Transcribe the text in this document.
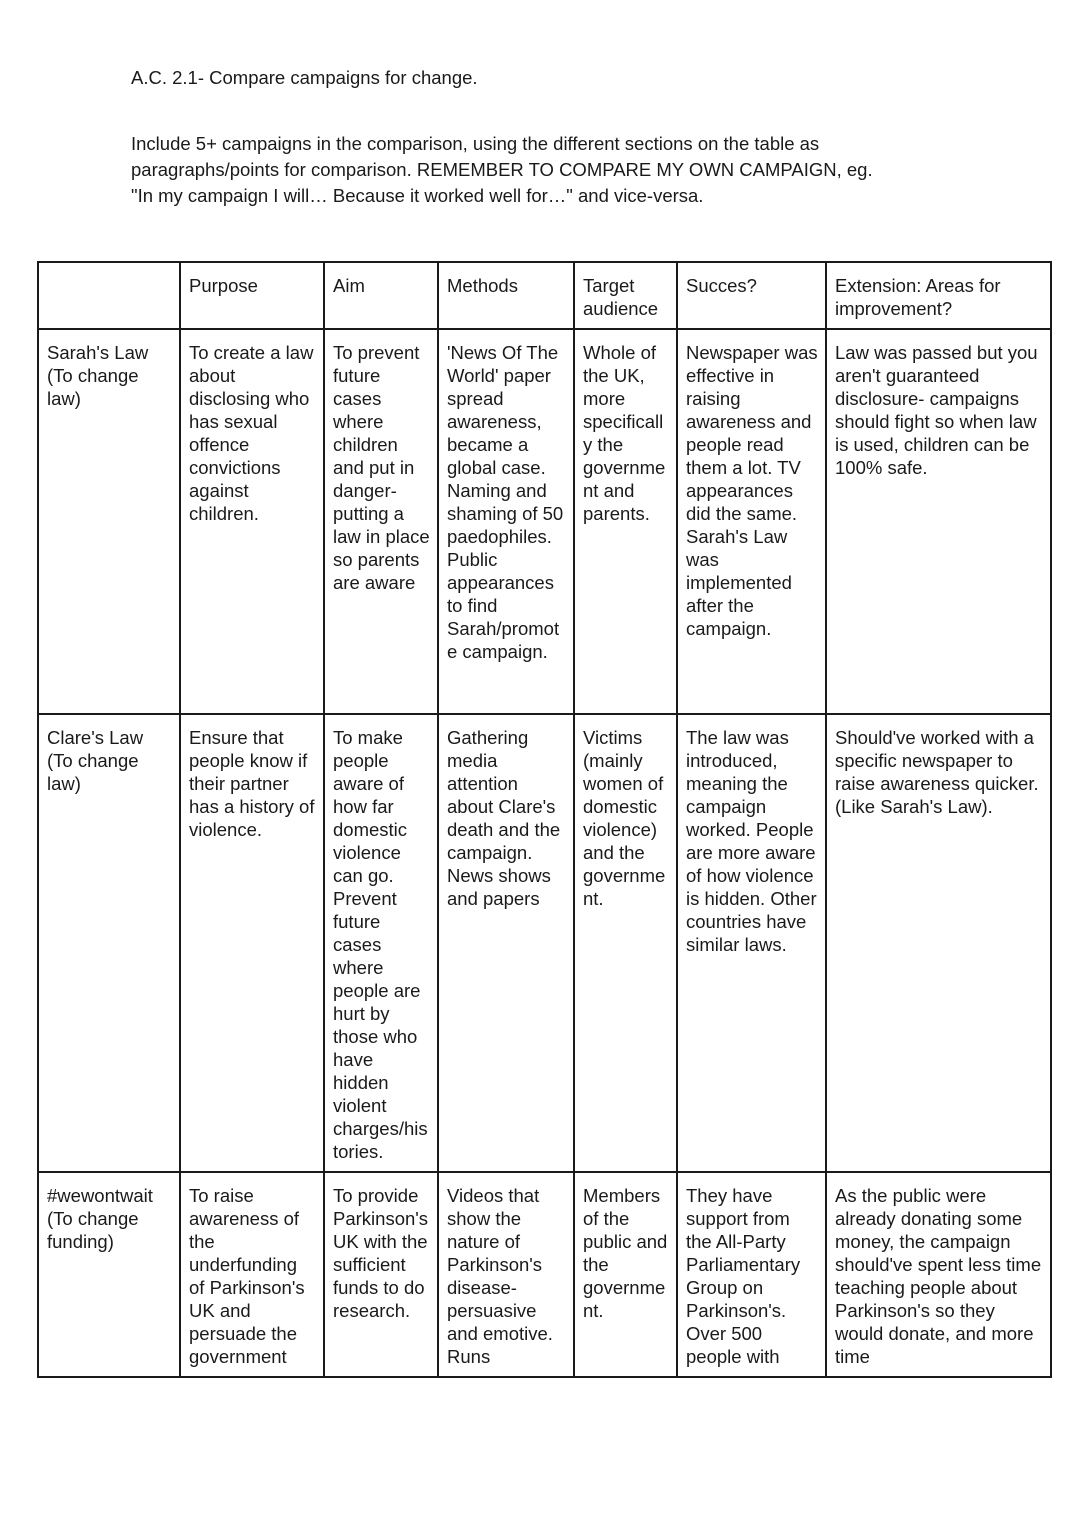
A.C. 2.1- Compare campaigns for change.
Include 5+ campaigns in the comparison, using the different sections on the table as
paragraphs/points for comparison. REMEMBER TO COMPARE MY OWN CAMPAIGN, eg.
"In my campaign I will… Because it worked well for…" and vice-versa.
	Purpose	Aim	Methods	Target audience	Succes?	Extension: Areas for improvement?
Sarah's Law (To change law)	To create a law about disclosing who has sexual offence convictions against children.	To prevent future cases where children and put in danger- putting a law in place so parents are aware	'News Of The World' paper spread awareness, became a global case. Naming and shaming of 50 paedophiles. Public appearances to find Sarah/promote campaign.	Whole of the UK, more specifically the government and parents.	Newspaper was effective in raising awareness and people read them a lot. TV appearances did the same. Sarah's Law was implemented after the campaign.	Law was passed but you aren't guaranteed disclosure- campaigns should fight so when law is used, children can be 100% safe.
Clare's Law (To change law)	Ensure that people know if their partner has a history of violence.	To make people aware of how far domestic violence can go. Prevent future cases where people are hurt by those who have hidden violent charges/histories.	Gathering media attention about Clare's death and the campaign. News shows and papers	Victims (mainly women of domestic violence) and the government.	The law was introduced, meaning the campaign worked. People are more aware of how violence is hidden. Other countries have similar laws.	Should've worked with a specific newspaper to raise awareness quicker. (Like Sarah's Law).

#wewontwait (To change funding)	To raise awareness of the underfunding of Parkinson's UK and persuade the government	To provide Parkinson's UK with the sufficient funds to do research.	Videos that show the nature of Parkinson's disease- persuasive and emotive. Runs	Members of the public and the government.	They have support from the All-Party Parliamentary Group on Parkinson's. Over 500 people with	As the public were already donating some money, the campaign should've spent less time teaching people about Parkinson's so they would donate, and more time
